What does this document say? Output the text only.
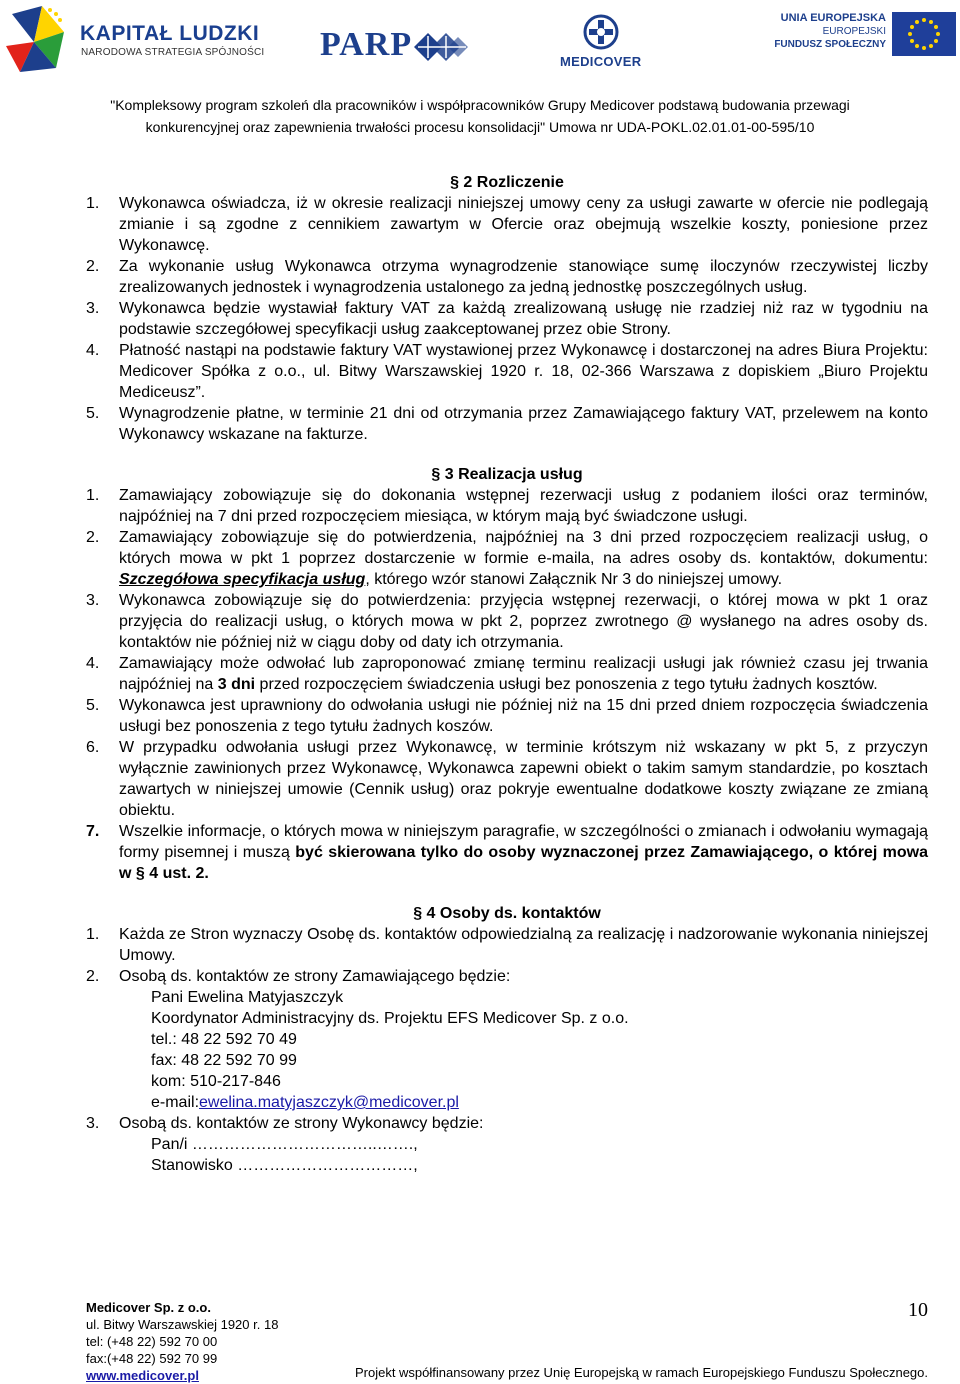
KAPITAŁ LUDZKI
NARODOWA STRATEGIA SPÓJNOŚCI PARP	MEDICOVER
UNIA EUROPEJSKA
EUROPEJSKI
FUNDUSZ SPOŁECZNY
"Kompleksowy program szkoleń dla pracowników i współpracowników Grupy Medicover podstawą budowania przewagi
konkurencyjnej oraz zapewnienia trwałości procesu konsolidacji" Umowa nr UDA-POKL.02.01.01-00-595/10
§ 2 Rozliczenie
1.	Wykonawca oświadcza, iż w okresie realizacji niniejszej umowy ceny za usługi zawarte w ofercie nie podlegają zmianie i są zgodne z cennikiem zawartym w Ofercie oraz obejmują wszelkie koszty, poniesione przez Wykonawcę.
2.	Za wykonanie usług Wykonawca otrzyma wynagrodzenie stanowiące sumę iloczynów rzeczywistej liczby zrealizowanych jednostek i wynagrodzenia ustalonego za jedną jednostkę poszczególnych usług.
3.	Wykonawca będzie wystawiał faktury VAT za każdą zrealizowaną usługę nie rzadziej niż raz w tygodniu na podstawie szczegółowej specyfikacji usług zaakceptowanej przez obie Strony.
4.	Płatność nastąpi na podstawie faktury VAT wystawionej przez Wykonawcę i dostarczonej na adres Biura Projektu: Medicover Spółka z o.o., ul. Bitwy Warszawskiej 1920 r. 18, 02-366 Warszawa z dopiskiem „Biuro Projektu Mediceusz”.
5.	Wynagrodzenie płatne, w terminie 21 dni od otrzymania przez Zamawiającego faktury VAT, przelewem na konto Wykonawcy wskazane na fakturze.
§ 3 Realizacja usług
1.	Zamawiający zobowiązuje się do dokonania wstępnej rezerwacji usług z podaniem ilości oraz terminów, najpóźniej na 7 dni przed rozpoczęciem miesiąca, w którym mają być świadczone usługi.
2.	Zamawiający zobowiązuje się do potwierdzenia, najpóźniej na 3 dni przed rozpoczęciem realizacji usług, o których mowa w pkt 1 poprzez dostarczenie w formie e-maila, na adres osoby ds. kontaktów, dokumentu: Szczegółowa specyfikacja usług, którego wzór stanowi Załącznik Nr 3 do niniejszej umowy.
3.	Wykonawca zobowiązuje się do potwierdzenia: przyjęcia wstępnej rezerwacji, o której mowa w pkt 1 oraz przyjęcia do realizacji usług, o których mowa w pkt 2, poprzez zwrotnego @ wysłanego na adres osoby ds. kontaktów nie później niż w ciągu doby od daty ich otrzymania.
4.	Zamawiający może odwołać lub zaproponować zmianę terminu realizacji usługi jak również czasu jej trwania najpóźniej na 3 dni przed rozpoczęciem świadczenia usługi bez ponoszenia z tego tytułu żadnych kosztów.
5.	Wykonawca jest uprawniony do odwołania usługi nie później niż na 15 dni przed dniem rozpoczęcia świadczenia usługi bez ponoszenia z tego tytułu żadnych koszów.
6.	W przypadku odwołania usługi przez Wykonawcę, w terminie krótszym niż wskazany w pkt 5, z przyczyn wyłącznie zawinionych przez Wykonawcę, Wykonawca zapewni obiekt o takim samym standardzie, po kosztach zawartych w niniejszej umowie (Cennik usług) oraz pokryje ewentualne dodatkowe koszty związane ze zmianą obiektu.
7.	Wszelkie informacje, o których mowa w niniejszym paragrafie, w szczególności o zmianach i odwołaniu wymagają formy pisemnej i muszą być skierowana tylko do osoby wyznaczonej przez Zamawiającego, o której mowa w § 4 ust. 2.
§ 4 Osoby ds. kontaktów
1.	Każda ze Stron wyznaczy Osobę ds. kontaktów odpowiedzialną za realizację i nadzorowanie wykonania niniejszej Umowy.
2.	Osobą ds. kontaktów ze strony Zamawiającego będzie:
Pani Ewelina Matyjaszczyk
Koordynator Administracyjny ds. Projektu EFS Medicover Sp. z o.o.
tel.: 48 22 592 70 49
fax: 48 22 592 70 99
kom: 510-217-846
e-mail:ewelina.matyjaszczyk@medicover.pl
3.	Osobą ds. kontaktów ze strony Wykonawcy będzie:
Pan/i ……………………………..…….,
Stanowisko ……………………………,
Medicover Sp. z o.o.
ul. Bitwy Warszawskiej 1920 r. 18
tel: (+48 22) 592 70 00
fax:(+48 22) 592 70 99
www.medicover.pl
10
Projekt współfinansowany przez Unię Europejską w ramach Europejskiego Funduszu Społecznego.
